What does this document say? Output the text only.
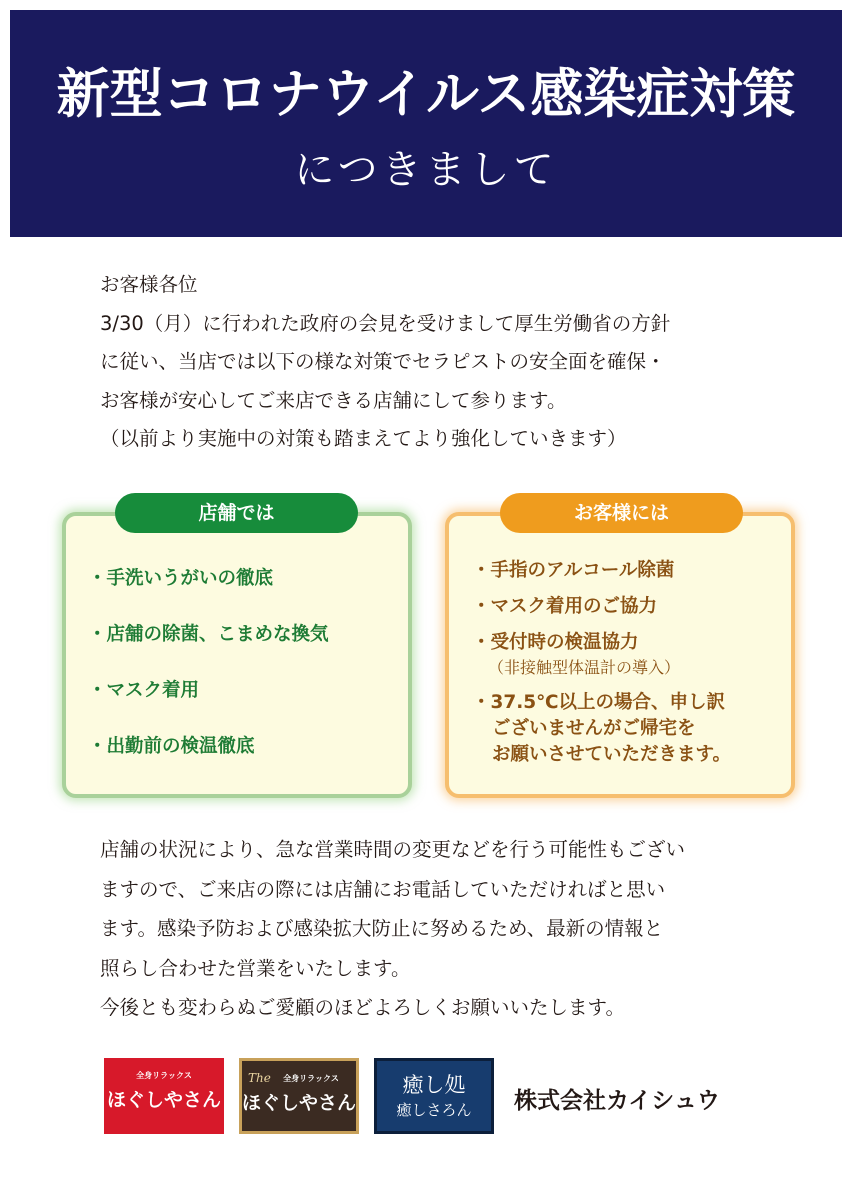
新型コロナウイルス感染症対策
につきまして

お客様各位

3/30（月）に行われた政府の会見を受けまして厚生労働省の方針

に従い、当店では以下の様な対策でセラピストの安全面を確保・

お客様が安心してご来店できる店舗にして参ります。

（以前より実施中の対策も踏まえてより強化していきます）

店舗では
・手洗いうがいの徹底
・店舗の除菌、こまめな換気
・マスク着用
・出勤前の検温徹底
お客様には
・手指のアルコール除菌
・マスク着用のご協力
・受付時の検温協力
（非接触型体温計の導入）
・37.5℃以上の場合、申し訳
ございませんがご帰宅を
お願いさせていただきます。

店舗の状況により、急な営業時間の変更などを行う可能性もござい

ますので、ご来店の際には店舗にお電話していただければと思い

ます。感染予防および感染拡大防止に努めるため、最新の情報と

照らし合わせた営業をいたします。

今後とも変わらぬご愛顧のほどよろしくお願いいたします。

全身リラックス
ほぐしやさん
The	全身リラックス
ほぐしやさん
癒し処
癒しさろん	株式会社カイシュウ
